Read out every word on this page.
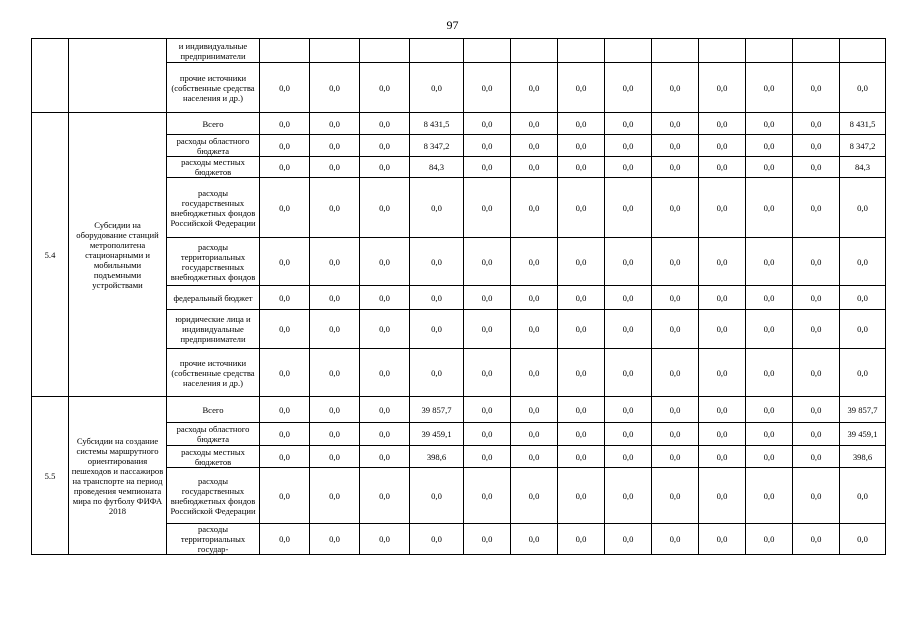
97
		и индивидуальные предприниматели													
		прочие источники (собственные средства населения и др.)	0,0	0,0	0,0	0,0	0,0	0,0	0,0	0,0	0,0	0,0	0,0	0,0	0,0
5.4	Субсидии на оборудование станций метрополитена стационарными и мобильными подъемными устройствами	Всего	0,0	0,0	0,0	8 431,5	0,0	0,0	0,0	0,0	0,0	0,0	0,0	0,0	8 431,5
		расходы областного бюджета	0,0	0,0	0,0	8 347,2	0,0	0,0	0,0	0,0	0,0	0,0	0,0	0,0	8 347,2
		расходы местных бюджетов	0,0	0,0	0,0	84,3	0,0	0,0	0,0	0,0	0,0	0,0	0,0	0,0	84,3
		расходы государственных внебюджетных фондов Российской Федерации	0,0	0,0	0,0	0,0	0,0	0,0	0,0	0,0	0,0	0,0	0,0	0,0	0,0
		расходы территориальных государственных внебюджетных фондов	0,0	0,0	0,0	0,0	0,0	0,0	0,0	0,0	0,0	0,0	0,0	0,0	0,0
		федеральный бюджет	0,0	0,0	0,0	0,0	0,0	0,0	0,0	0,0	0,0	0,0	0,0	0,0	0,0
		юридические лица и индивидуальные предприниматели	0,0	0,0	0,0	0,0	0,0	0,0	0,0	0,0	0,0	0,0	0,0	0,0	0,0
		прочие источники (собственные средства населения и др.)	0,0	0,0	0,0	0,0	0,0	0,0	0,0	0,0	0,0	0,0	0,0	0,0	0,0
5.5	Субсидии на создание системы маршрутного ориентирования пешеходов и пассажиров на транспорте на период проведения чемпионата мира по футболу ФИФА 2018	Всего	0,0	0,0	0,0	39 857,7	0,0	0,0	0,0	0,0	0,0	0,0	0,0	0,0	39 857,7
		расходы областного бюджета	0,0	0,0	0,0	39 459,1	0,0	0,0	0,0	0,0	0,0	0,0	0,0	0,0	39 459,1
		расходы местных бюджетов	0,0	0,0	0,0	398,6	0,0	0,0	0,0	0,0	0,0	0,0	0,0	0,0	398,6
		расходы государственных внебюджетных фондов Российской Федерации	0,0	0,0	0,0	0,0	0,0	0,0	0,0	0,0	0,0	0,0	0,0	0,0	0,0
		расходы территориальных государ-	0,0	0,0	0,0	0,0	0,0	0,0	0,0	0,0	0,0	0,0	0,0	0,0	0,0
